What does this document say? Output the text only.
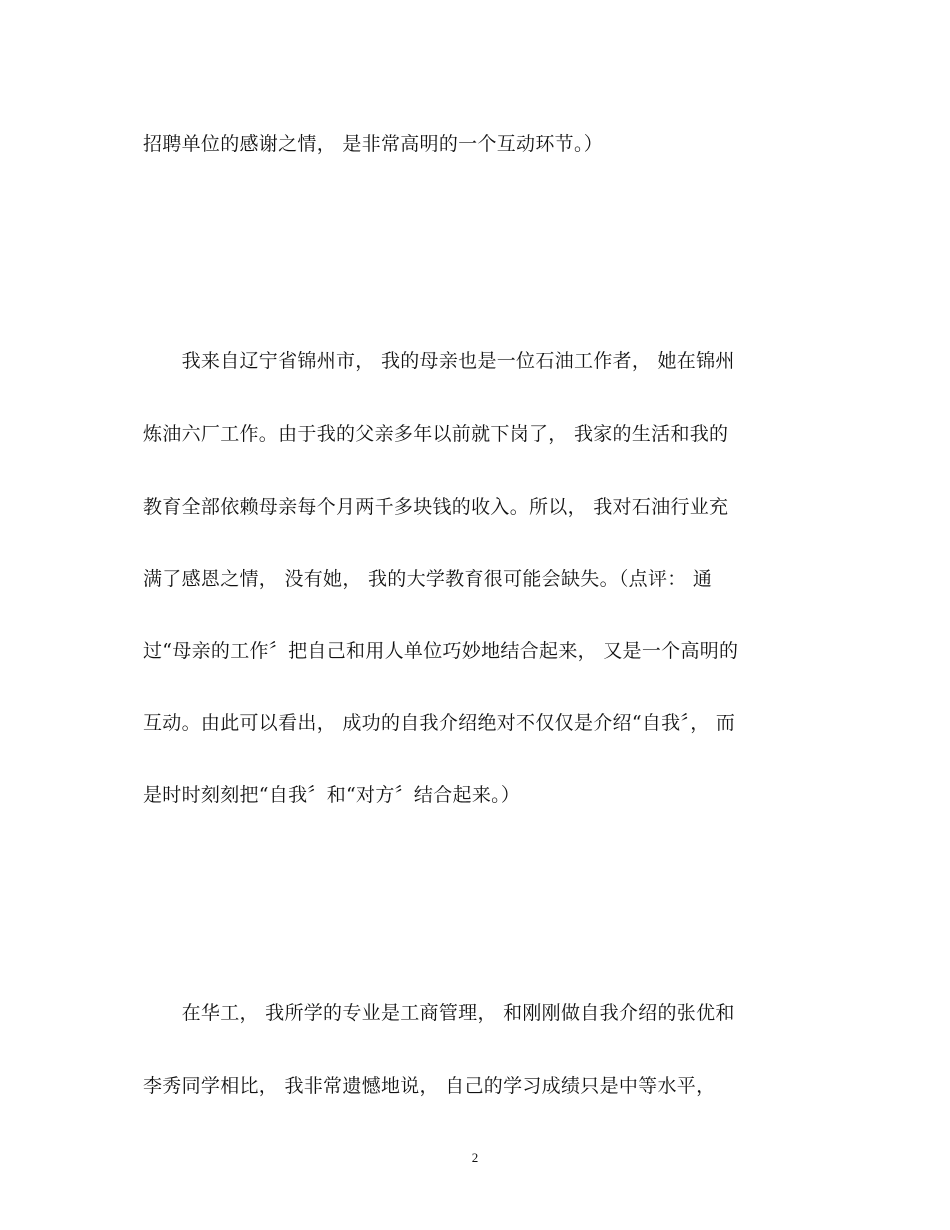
招聘单位的感谢之情， 是非常高明的一个互动环节。）
　　我来自辽宁省锦州市， 我的母亲也是一位石油工作者， 她在锦州
炼油六厂工作。由于我的父亲多年以前就下岗了， 我家的生活和我的
教育全部依赖母亲每个月两千多块钱的收入。所以， 我对石油行业充
满了感恩之情， 没有她， 我的大学教育很可能会缺失。（点评： 通
过“母亲的工作〞把自己和用人单位巧妙地结合起来， 又是一个高明的
互动。由此可以看出， 成功的自我介绍绝对不仅仅是介绍“自我〞， 而
是时时刻刻把“自我〞和“对方〞结合起来。）
　　在华工， 我所学的专业是工商管理， 和刚刚做自我介绍的张优和
李秀同学相比， 我非常遗憾地说， 自己的学习成绩只是中等水平，
2
